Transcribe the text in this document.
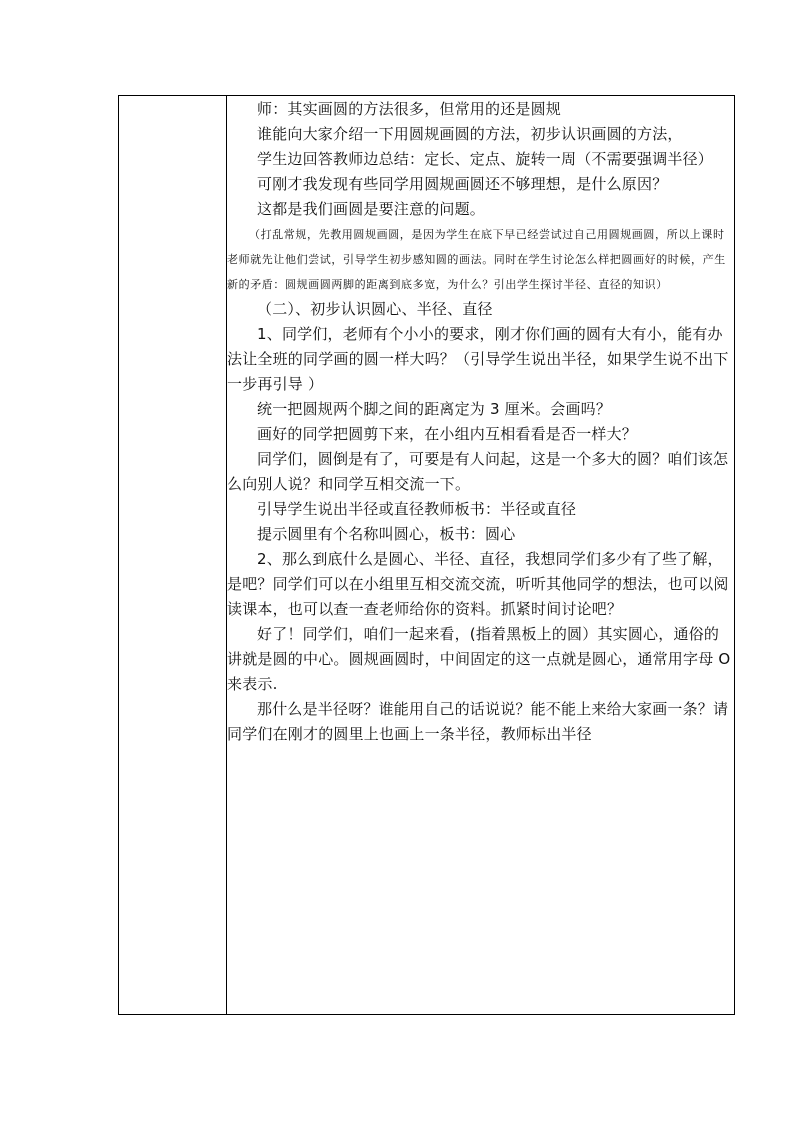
师：其实画圆的方法很多，但常用的还是圆规

谁能向大家介绍一下用圆规画圆的方法，初步认识画圆的方法，

学生边回答教师边总结：定长、定点、旋转一周（不需要强调半径）

可刚才我发现有些同学用圆规画圆还不够理想，是什么原因？

这都是我们画圆是要注意的问题。

（打乱常规，先教用圆规画圆，是因为学生在底下早已经尝试过自己用圆规画圆，所以上课时老师就先让他们尝试，引导学生初步感知圆的画法。同时在学生讨论怎么样把圆画好的时候，产生新的矛盾：圆规画圆两脚的距离到底多宽，为什么？引出学生探讨半径、直径的知识）

（二）、初步认识圆心、半径、直径

1、同学们，老师有个小小的要求，刚才你们画的圆有大有小，能有办法让全班的同学画的圆一样大吗？（引导学生说出半径，如果学生说不出下一步再引导 ）

统一把圆规两个脚之间的距离定为 3 厘米。会画吗？

画好的同学把圆剪下来，在小组内互相看看是否一样大？

同学们，圆倒是有了，可要是有人问起，这是一个多大的圆？咱们该怎么向别人说？和同学互相交流一下。

引导学生说出半径或直径教师板书：半径或直径

提示圆里有个名称叫圆心，板书：圆心

2、那么到底什么是圆心、半径、直径，我想同学们多少有了些了解，是吧？同学们可以在小组里互相交流交流，听听其他同学的想法，也可以阅读课本，也可以查一查老师给你的资料。抓紧时间讨论吧？

好了！同学们，咱们一起来看，(指着黑板上的圆）其实圆心，通俗的讲就是圆的中心。圆规画圆时，中间固定的这一点就是圆心，通常用字母 O 来表示.

那什么是半径呀？谁能用自己的话说说？能不能上来给大家画一条？请同学们在刚才的圆里上也画上一条半径，教师标出半径
